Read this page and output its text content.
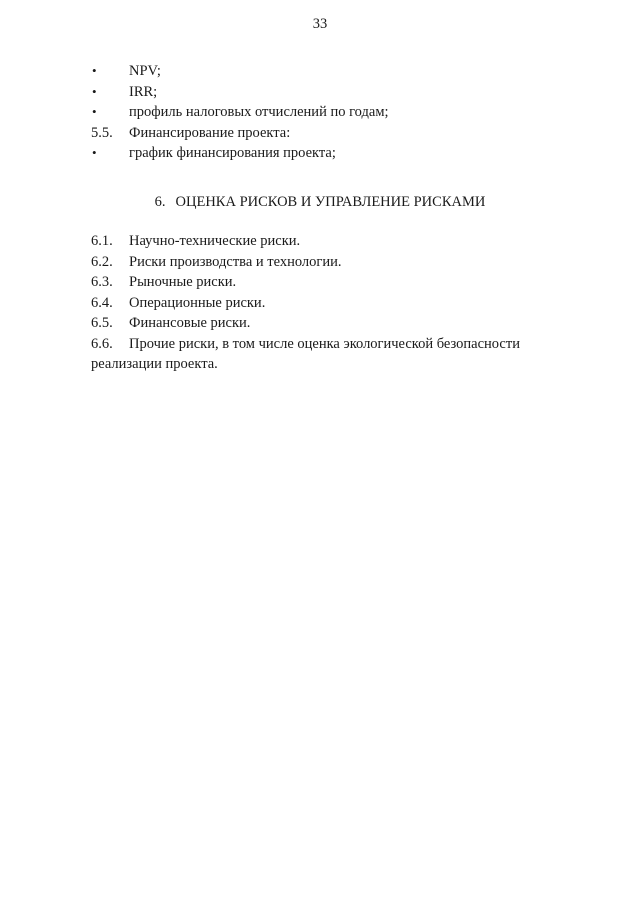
33
• NPV;
• IRR;
• профиль налоговых отчислений по годам;
5.5. Финансирование проекта:
• график финансирования проекта;
6. ОЦЕНКА РИСКОВ И УПРАВЛЕНИЕ РИСКАМИ
6.1. Научно-технические риски.
6.2. Риски производства и технологии.
6.3. Рыночные риски.
6.4. Операционные риски.
6.5. Финансовые риски.
6.6. Прочие риски, в том числе оценка экологической безопасности
реализации проекта.
